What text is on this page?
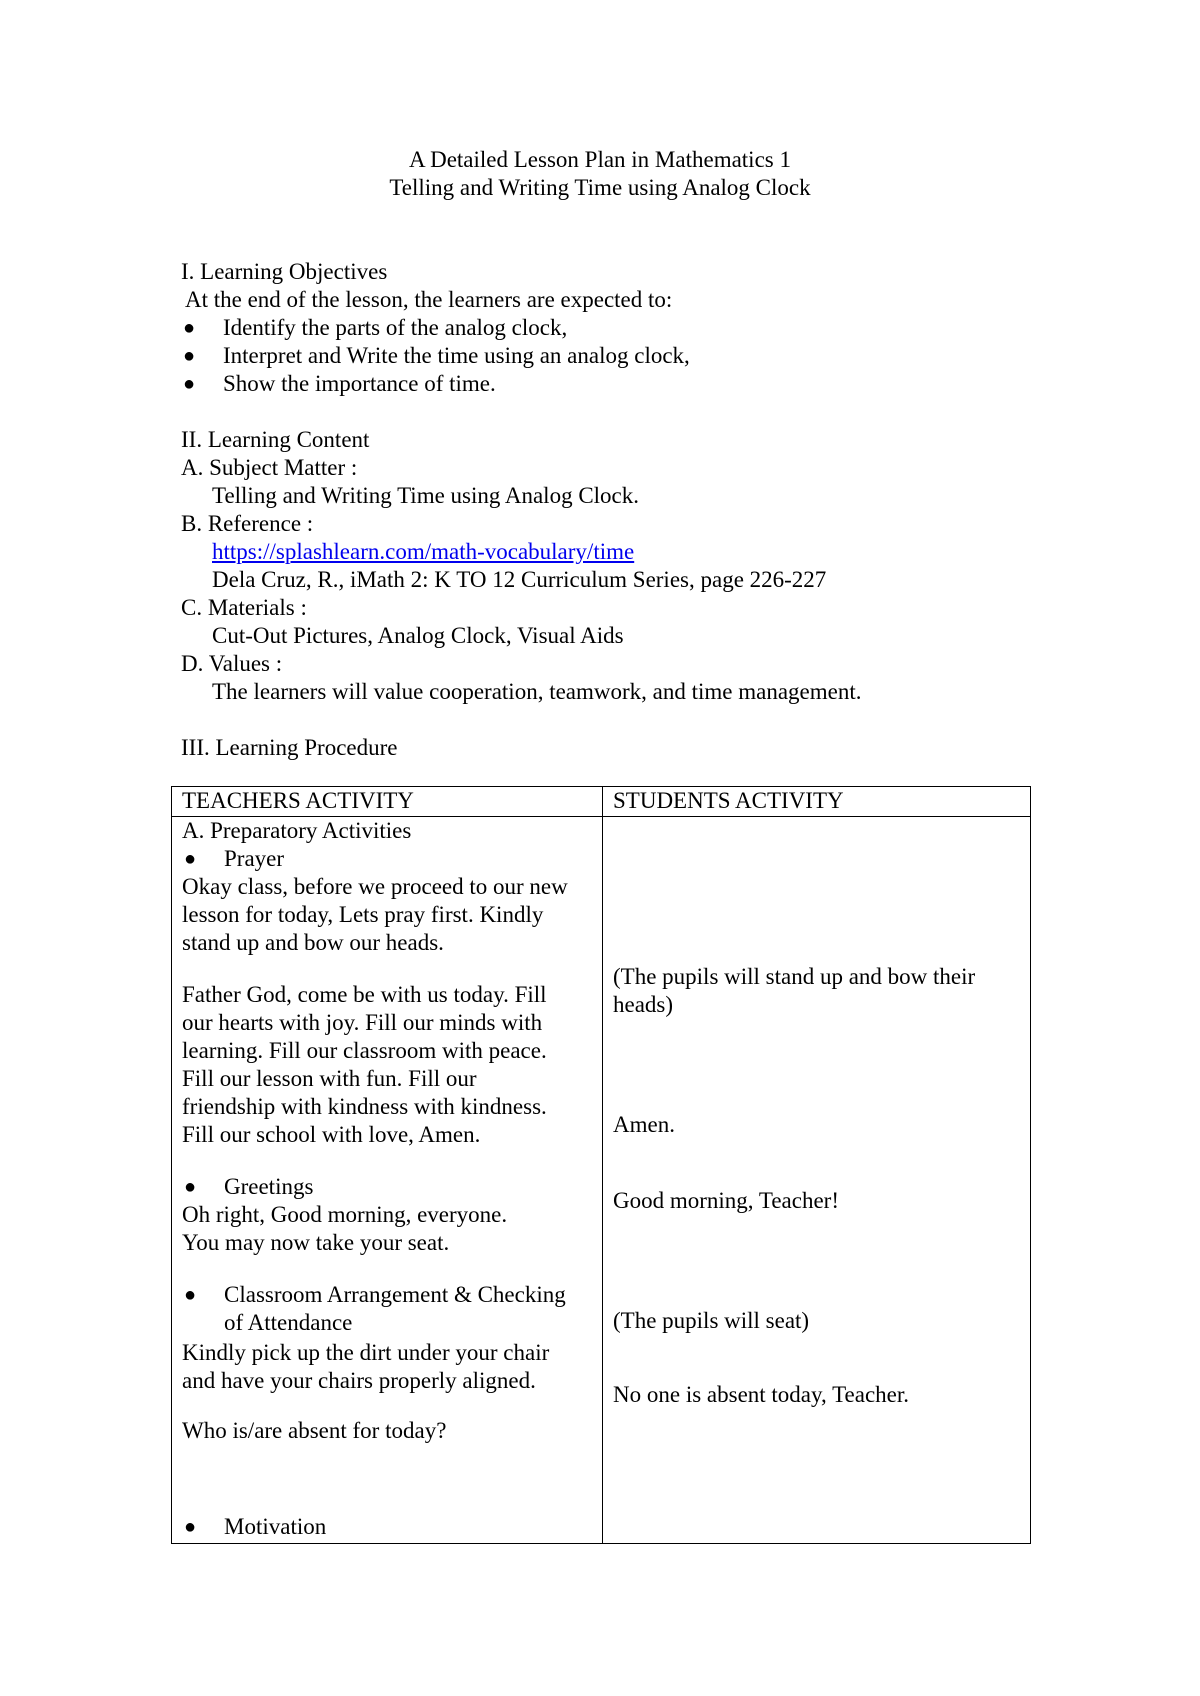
A Detailed Lesson Plan in Mathematics 1
Telling and Writing Time using Analog Clock
I. Learning Objectives
At the end of the lesson, the learners are expected to:
● Identify the parts of the analog clock,
● Interpret and Write the time using an analog clock,
● Show the importance of time.
II. Learning Content
A. Subject Matter :
Telling and Writing Time using Analog Clock.
B. Reference :
https://splashlearn.com/math-vocabulary/time
Dela Cruz, R., iMath 2: K TO 12 Curriculum Series, page 226-227
C. Materials :
Cut-Out Pictures, Analog Clock, Visual Aids
D. Values :
The learners will value cooperation, teamwork, and time management.
III. Learning Procedure
TEACHERS ACTIVITY	STUDENTS ACTIVITY
A. Preparatory Activities
● Prayer
Okay class, before we proceed to our new
lesson for today, Lets pray first. Kindly
stand up and bow our heads.
Father God, come be with us today. Fill
our hearts with joy. Fill our minds with
learning. Fill our classroom with peace.
Fill our lesson with fun. Fill our
friendship with kindness with kindness.
Fill our school with love, Amen.
● Greetings
Oh right, Good morning, everyone.
You may now take your seat.
● Classroom Arrangement & Checking
of Attendance
Kindly pick up the dirt under your chair
and have your chairs properly aligned.
Who is/are absent for today?
● Motivation
(The pupils will stand up and bow their
heads)
Amen.
Good morning, Teacher!
(The pupils will seat)
No one is absent today, Teacher.
